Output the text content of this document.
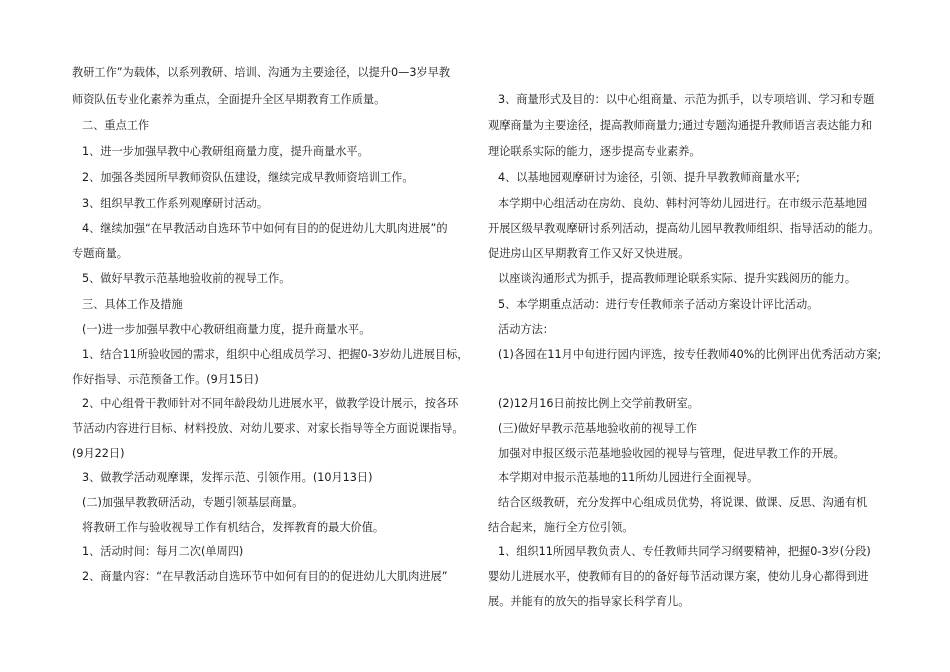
教研工作”为载体，以系列教研、培训、沟通为主要途径，以提升0—3岁早教
师资队伍专业化素养为重点，全面提升全区早期教育工作质量。
二、重点工作
1、进一步加强早教中心教研组商量力度，提升商量水平。
2、加强各类园所早教师资队伍建设，继续完成早教师资培训工作。
3、组织早教工作系列观摩研讨活动。
4、继续加强“在早教活动自选环节中如何有目的的促进幼儿大肌肉进展”的
专题商量。
5、做好早教示范基地验收前的视导工作。
三、具体工作及措施
(一)进一步加强早教中心教研组商量力度，提升商量水平。
1、结合11所验收园的需求，组织中心组成员学习、把握0-3岁幼儿进展目标，
作好指导、示范预备工作。(9月15日)
2、中心组骨干教师针对不同年龄段幼儿进展水平，做教学设计展示，按各环
节活动内容进行目标、材料投放、对幼儿要求、对家长指导等全方面说课指导。
(9月22日)
3、做教学活动观摩课，发挥示范、引领作用。(10月13日)
(二)加强早教教研活动，专题引领基层商量。
将教研工作与验收视导工作有机结合，发挥教育的最大价值。
1、活动时间：每月二次(单周四)
2、商量内容：“在早教活动自选环节中如何有目的的促进幼儿大肌肉进展”
3、商量形式及目的：以中心组商量、示范为抓手，以专项培训、学习和专题
观摩商量为主要途径，提高教师商量力;通过专题沟通提升教师语言表达能力和
理论联系实际的能力，逐步提高专业素养。
4、以基地园观摩研讨为途径，引领、提升早教教师商量水平;
本学期中心组活动在房幼、良幼、韩村河等幼儿园进行。在市级示范基地园
开展区级早教观摩研讨系列活动，提高幼儿园早教教师组织、指导活动的能力。
促进房山区早期教育工作又好又快进展。
以座谈沟通形式为抓手，提高教师理论联系实际、提升实践阅历的能力。
5、本学期重点活动：进行专任教师亲子活动方案设计评比活动。
活动方法：
(1)各园在11月中旬进行园内评选，按专任教师40%的比例评出优秀活动方案;
(2)12月16日前按比例上交学前教研室。
(三)做好早教示范基地验收前的视导工作
加强对申报区级示范基地验收园的视导与管理，促进早教工作的开展。
本学期对申报示范基地的11所幼儿园进行全面视导。
结合区级教研，充分发挥中心组成员优势，将说课、做课、反思、沟通有机
结合起来，施行全方位引领。
1、组织11所园早教负责人、专任教师共同学习纲要精神，把握0-3岁(分段)
婴幼儿进展水平，使教师有目的的备好每节活动课方案，使幼儿身心都得到进
展。并能有的放矢的指导家长科学育儿。
